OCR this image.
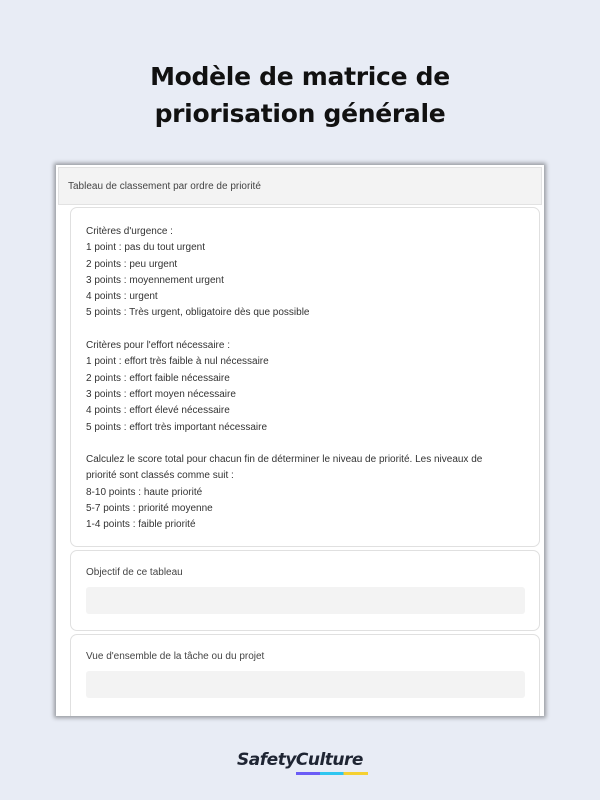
Modèle de matrice de
priorisation générale
Tableau de classement par ordre de priorité
Critères d'urgence :
1 point : pas du tout urgent
2 points : peu urgent
3 points : moyennement urgent
4 points : urgent
5 points : Très urgent, obligatoire dès que possible
Critères pour l'effort nécessaire :
1 point : effort très faible à nul nécessaire
2 points : effort faible nécessaire
3 points : effort moyen nécessaire
4 points : effort élevé nécessaire
5 points : effort très important nécessaire
Calculez le score total pour chacun fin de déterminer le niveau de priorité. Les niveaux de
priorité sont classés comme suit :
8-10 points : haute priorité
5-7 points : priorité moyenne
1-4 points : faible priorité
Objectif de ce tableau
Vue d'ensemble de la tâche ou du projet
SafetyCulture
